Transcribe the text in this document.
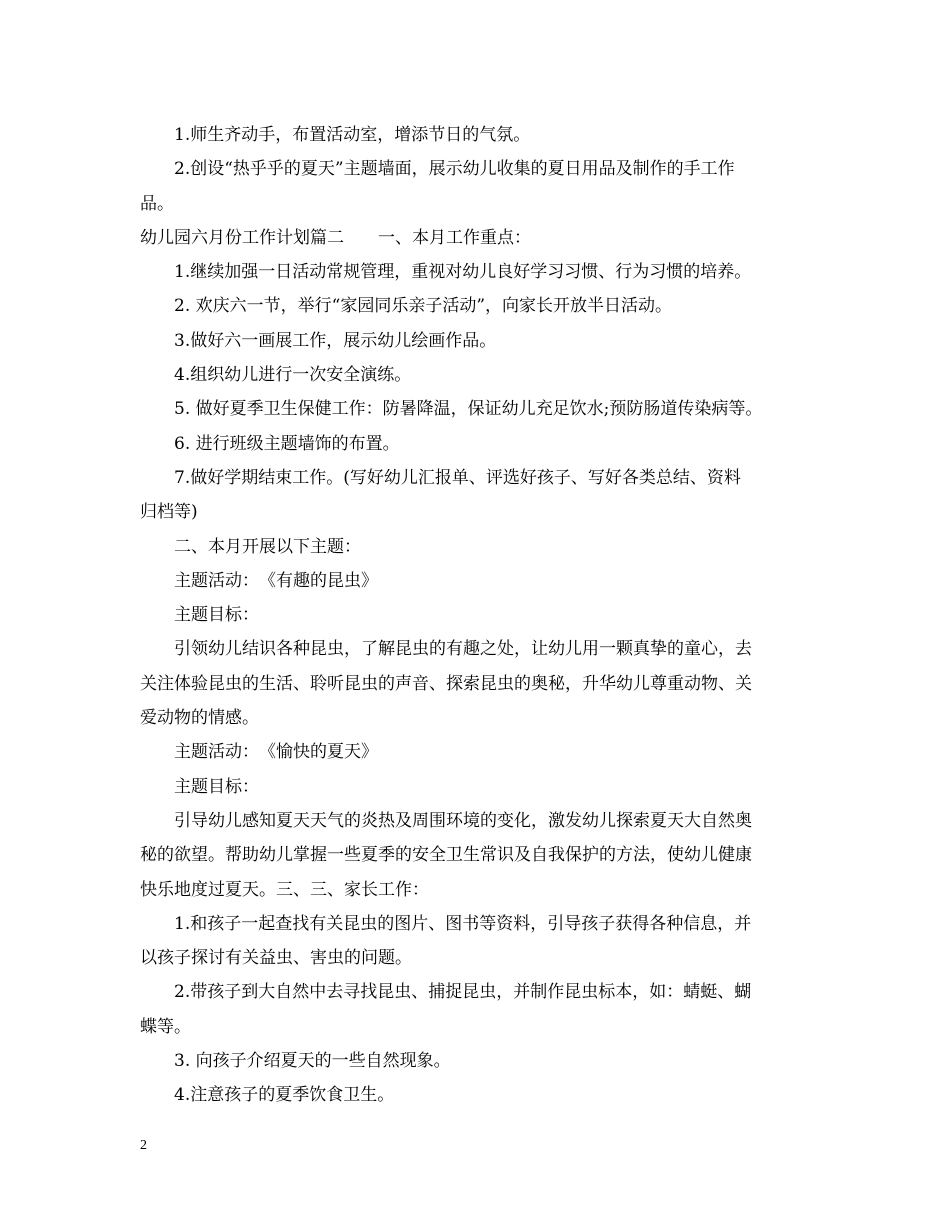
1.师生齐动手，布置活动室，增添节日的气氛。
2.创设“热乎乎的夏天”主题墙面，展示幼儿收集的夏日用品及制作的手工作
品。
幼儿园六月份工作计划篇二　　一、本月工作重点：
1.继续加强一日活动常规管理，重视对幼儿良好学习习惯、行为习惯的培养。
2. 欢庆六一节，举行“家园同乐亲子活动”，向家长开放半日活动。
3.做好六一画展工作，展示幼儿绘画作品。
4.组织幼儿进行一次安全演练。
5. 做好夏季卫生保健工作：防暑降温，保证幼儿充足饮水;预防肠道传染病等。
6. 进行班级主题墙饰的布置。
7.做好学期结束工作。(写好幼儿汇报单、评选好孩子、写好各类总结、资料
归档等)
二、本月开展以下主题：
主题活动：　《有趣的昆虫》
主题目标：
引领幼儿结识各种昆虫，了解昆虫的有趣之处，让幼儿用一颗真挚的童心，去
关注体验昆虫的生活、聆听昆虫的声音、探索昆虫的奥秘，升华幼儿尊重动物、关
爱动物的情感。
主题活动：　《愉快的夏天》
主题目标：
引导幼儿感知夏天天气的炎热及周围环境的变化，激发幼儿探索夏天大自然奥
秘的欲望。帮助幼儿掌握一些夏季的安全卫生常识及自我保护的方法，使幼儿健康
快乐地度过夏天。三、三、家长工作：
1.和孩子一起查找有关昆虫的图片、图书等资料，引导孩子获得各种信息，并
以孩子探讨有关益虫、害虫的问题。
2.带孩子到大自然中去寻找昆虫、捕捉昆虫，并制作昆虫标本，如：蜻蜓、蝴
蝶等。
3. 向孩子介绍夏天的一些自然现象。
4.注意孩子的夏季饮食卫生。
2
